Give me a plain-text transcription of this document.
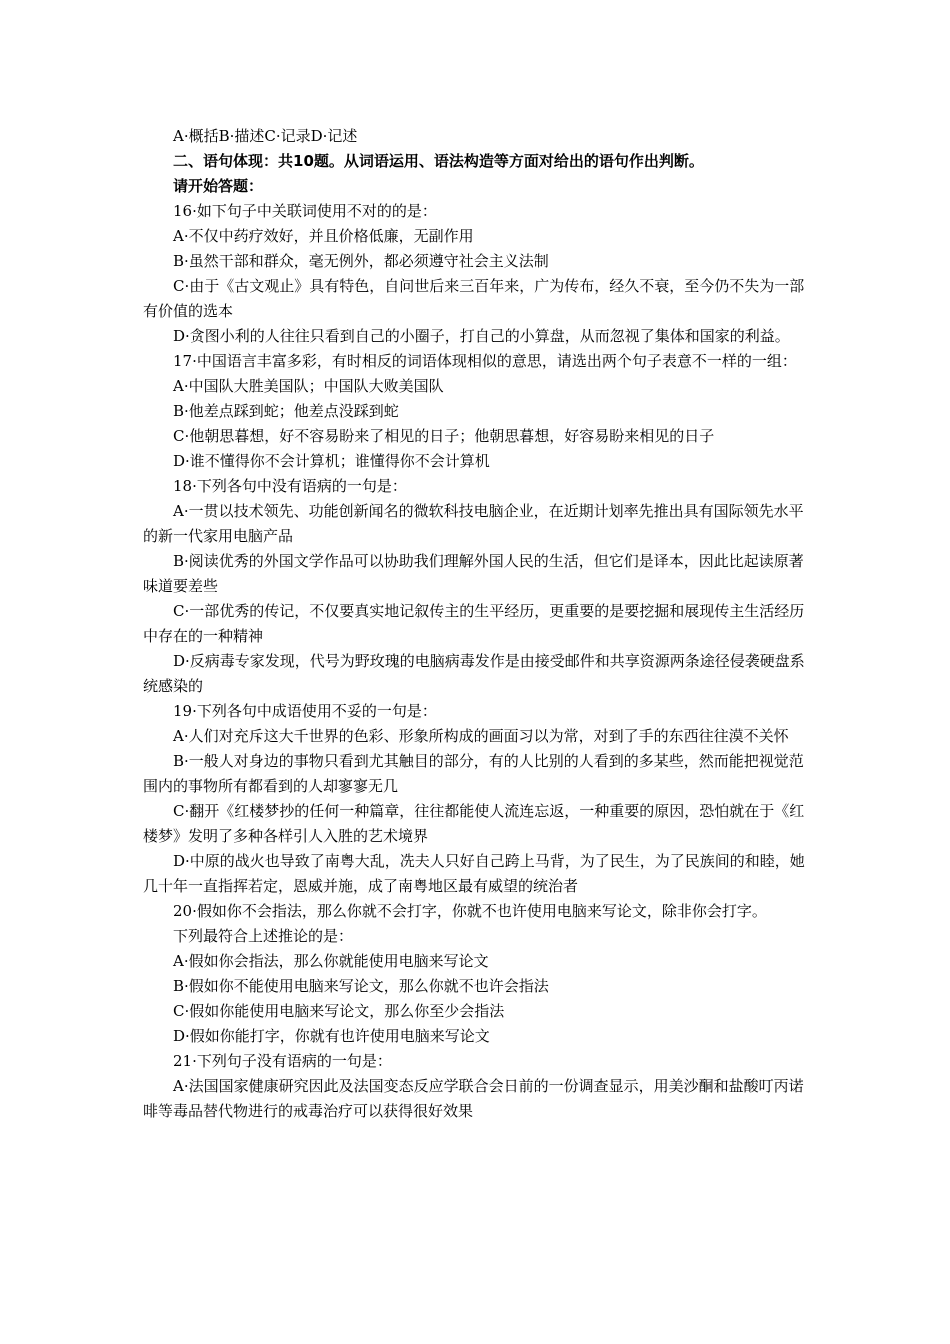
A·概括B·描述C·记录D·记述
二、语句体现：共10题。从词语运用、语法构造等方面对给出的语句作出判断。
请开始答题：
16·如下句子中关联词使用不对的的是：
A·不仅中药疗效好，并且价格低廉，无副作用
B·虽然干部和群众，毫无例外，都必须遵守社会主义法制
C·由于《古文观止》具有特色，自问世后来三百年来，广为传布，经久不衰，至今仍不失为一部有价值的选本
D·贪图小利的人往往只看到自己的小圈子，打自己的小算盘，从而忽视了集体和国家的利益。
17·中国语言丰富多彩，有时相反的词语体现相似的意思，请选出两个句子表意不一样的一组：
A·中国队大胜美国队；中国队大败美国队
B·他差点踩到蛇；他差点没踩到蛇
C·他朝思暮想，好不容易盼来了相见的日子；他朝思暮想，好容易盼来相见的日子
D·谁不懂得你不会计算机；谁懂得你不会计算机
18·下列各句中没有语病的一句是：
A·一贯以技术领先、功能创新闻名的微软科技电脑企业，在近期计划率先推出具有国际领先水平的新一代家用电脑产品
B·阅读优秀的外国文学作品可以协助我们理解外国人民的生活，但它们是译本，因此比起读原著味道要差些
C·一部优秀的传记，不仅要真实地记叙传主的生平经历，更重要的是要挖掘和展现传主生活经历中存在的一种精神
D·反病毒专家发现，代号为野玫瑰的电脑病毒发作是由接受邮件和共享资源两条途径侵袭硬盘系统感染的
19·下列各句中成语使用不妥的一句是：
A·人们对充斥这大千世界的色彩、形象所构成的画面习以为常，对到了手的东西往往漠不关怀
B·一般人对身边的事物只看到尤其触目的部分，有的人比别的人看到的多某些，然而能把视觉范围内的事物所有都看到的人却寥寥无几
C·翻开《红楼梦抄的任何一种篇章，往往都能使人流连忘返，一种重要的原因，恐怕就在于《红楼梦》发明了多种各样引人入胜的艺术境界
D·中原的战火也导致了南粤大乱，冼夫人只好自己跨上马背，为了民生，为了民族间的和睦，她几十年一直指挥若定，恩威并施，成了南粤地区最有威望的统治者
20·假如你不会指法，那么你就不会打字，你就不也许使用电脑来写论文，除非你会打字。
下列最符合上述推论的是：
A·假如你会指法，那么你就能使用电脑来写论文
B·假如你不能使用电脑来写论文，那么你就不也许会指法
C·假如你能使用电脑来写论文，那么你至少会指法
D·假如你能打字，你就有也许使用电脑来写论文
21·下列句子没有语病的一句是：
A·法国国家健康研究因此及法国变态反应学联合会日前的一份调查显示，用美沙酮和盐酸叮丙诺啡等毒品替代物进行的戒毒治疗可以获得很好效果
